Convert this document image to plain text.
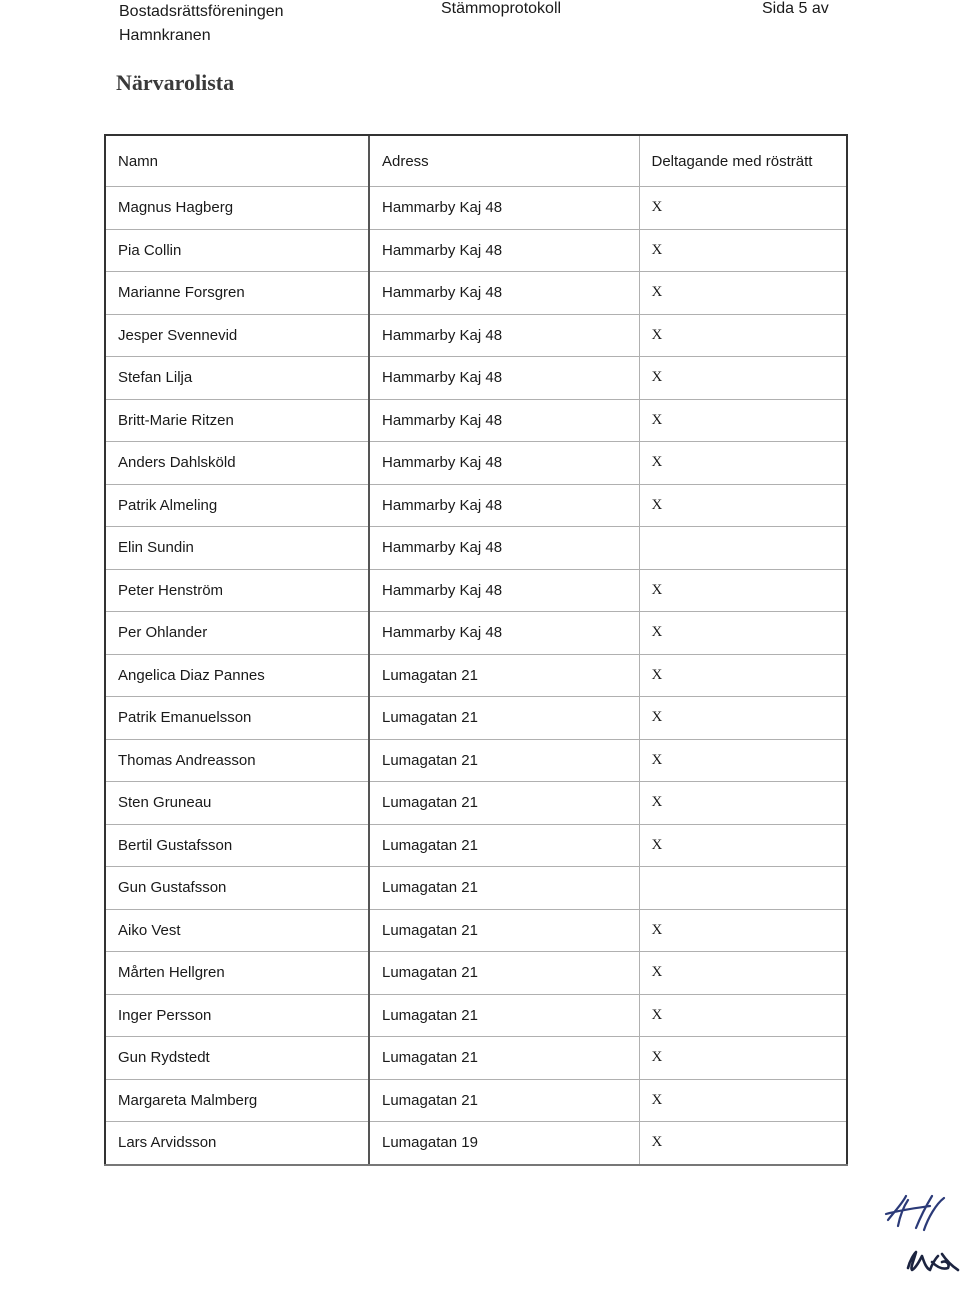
Bostadsrättsföreningen Hamnkranen
Stämmoprotokoll	Sida 5 av
Närvarolista
Namn	Adress	Deltagande med rösträtt
Magnus Hagberg	Hammarby Kaj 48	X
Pia Collin	Hammarby Kaj 48	X
Marianne Forsgren	Hammarby Kaj 48	X
Jesper Svennevid	Hammarby Kaj 48	X
Stefan Lilja	Hammarby Kaj 48	X
Britt-Marie Ritzen	Hammarby Kaj 48	X
Anders Dahlsköld	Hammarby Kaj 48	X
Patrik Almeling	Hammarby Kaj 48	X
Elin Sundin	Hammarby Kaj 48	
Peter Henström	Hammarby Kaj 48	X
Per Ohlander	Hammarby Kaj 48	X
Angelica Diaz Pannes	Lumagatan 21	X
Patrik Emanuelsson	Lumagatan 21	X
Thomas Andreasson	Lumagatan 21	X
Sten Gruneau	Lumagatan 21	X
Bertil Gustafsson	Lumagatan 21	X
Gun Gustafsson	Lumagatan 21	
Aiko Vest	Lumagatan 21	X
Mårten Hellgren	Lumagatan 21	X
Inger Persson	Lumagatan 21	X
Gun Rydstedt	Lumagatan 21	X
Margareta Malmberg	Lumagatan 21	X
Lars Arvidsson	Lumagatan 19	X
